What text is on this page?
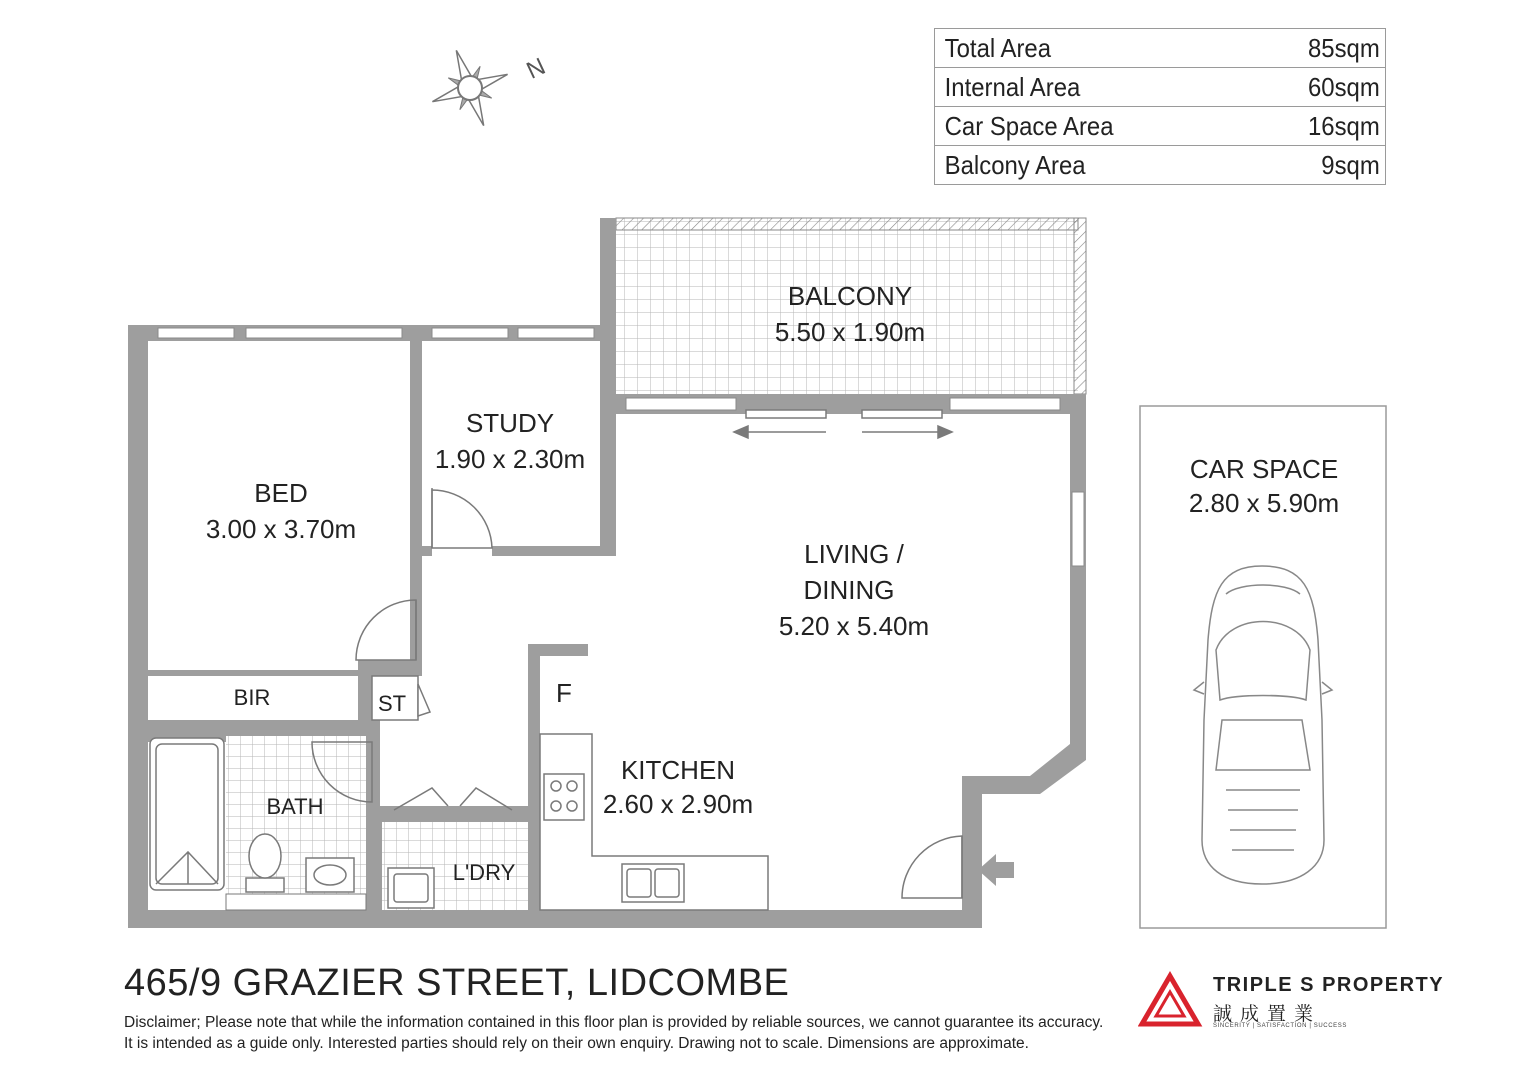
N
BALCONY
5.50 x 1.90m
STUDY
1.90 x 2.30m
BED
3.00 x 3.70m
LIVING /
DINING
5.20 x 5.40m
KITCHEN
2.60 x 2.90m
CAR SPACE
2.80 x 5.90m
BIR	ST
BATH
L'DRY
F
Total Area	85sqm
Internal Area	60sqm
Car Space Area	16sqm
Balcony Area	9sqm
465/9 GRAZIER STREET, LIDCOMBE
Disclaimer; Please note that while the information contained in this floor plan is provided by reliable sources, we cannot guarantee its accuracy.
It is intended as a guide only. Interested parties should rely on their own enquiry. Drawing not to scale. Dimensions are approximate.
TRIPLE S PROPERTY
誠成置業
SINCERITY | SATISFACTION | SUCCESS
